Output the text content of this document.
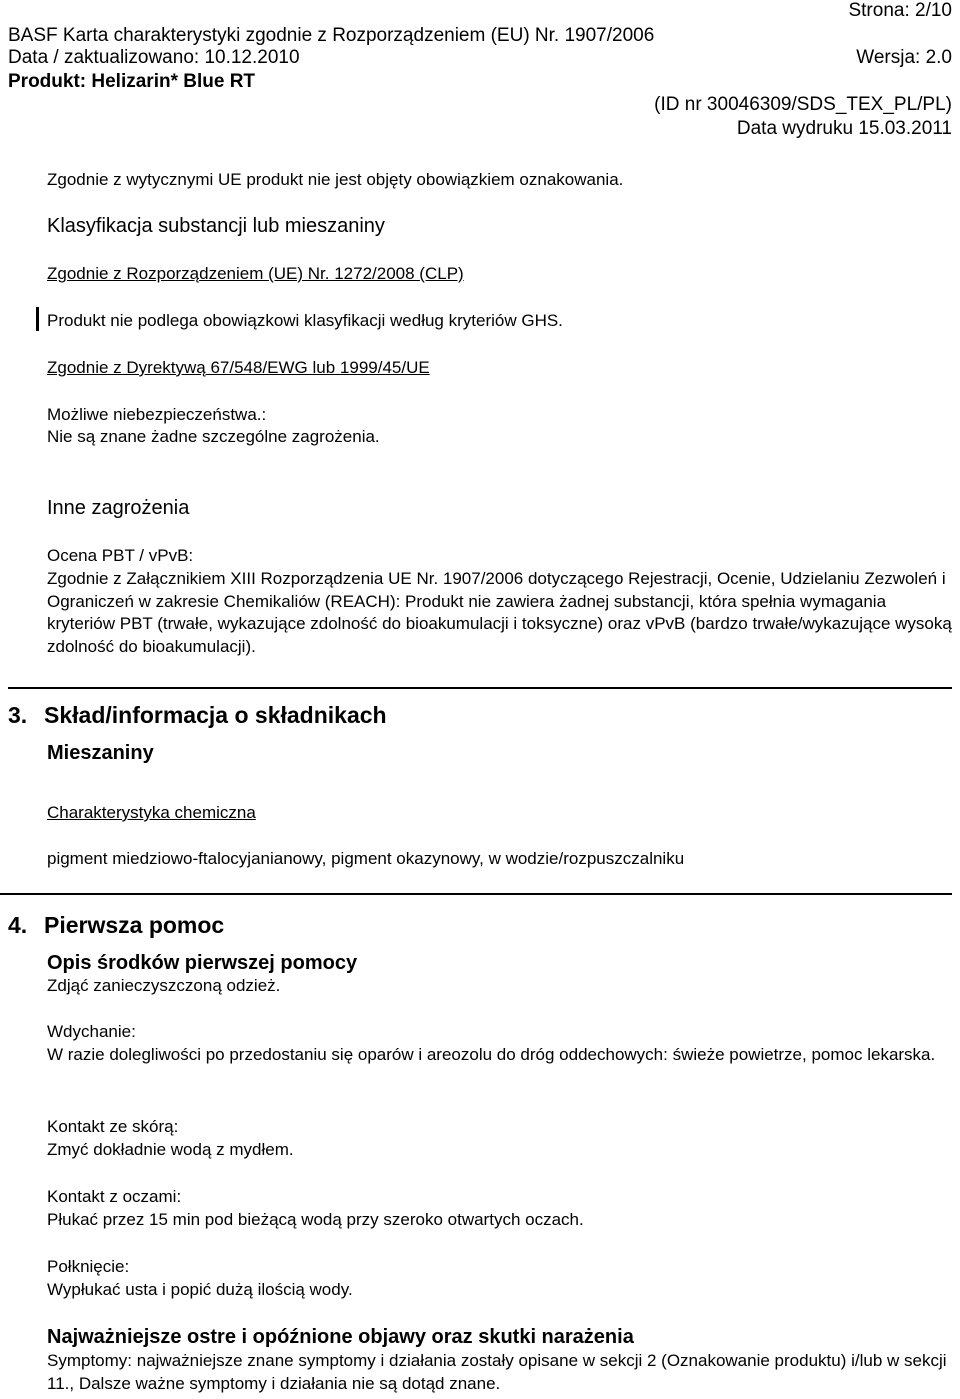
Strona: 2/10
BASF Karta charakterystyki zgodnie z Rozporządzeniem (EU) Nr. 1907/2006
Data / zaktualizowano: 10.12.2010	Wersja: 2.0
Produkt: Helizarin* Blue RT
(ID nr 30046309/SDS_TEX_PL/PL)
Data wydruku 15.03.2011
Zgodnie z wytycznymi UE produkt nie jest objęty obowiązkiem oznakowania.
Klasyfikacja substancji lub mieszaniny
Zgodnie z Rozporządzeniem (UE) Nr. 1272/2008 (CLP)
Produkt nie podlega obowiązkowi klasyfikacji według kryteriów GHS.
Zgodnie z Dyrektywą 67/548/EWG lub 1999/45/UE
Możliwe niebezpieczeństwa.:
Nie są znane żadne szczególne zagrożenia.
Inne zagrożenia
Ocena PBT / vPvB:
Zgodnie z Załącznikiem XIII Rozporządzenia UE Nr. 1907/2006 dotyczącego Rejestracji, Ocenie, Udzielaniu Zezwoleń i Ograniczeń w zakresie Chemikaliów (REACH): Produkt nie zawiera żadnej substancji, która spełnia wymagania kryteriów PBT (trwałe, wykazujące zdolność do bioakumulacji i toksyczne) oraz vPvB (bardzo trwałe/wykazujące wysoką zdolność do bioakumulacji).
3. Skład/informacja o składnikach
Mieszaniny
Charakterystyka chemiczna
pigment miedziowo-ftalocyjanianowy, pigment okazynowy, w wodzie/rozpuszczalniku
4. Pierwsza pomoc
Opis środków pierwszej pomocy
Zdjąć zanieczyszczoną odzież.
Wdychanie:
W razie dolegliwości po przedostaniu się oparów i areozolu do dróg oddechowych: świeże powietrze, pomoc lekarska.
Kontakt ze skórą:
Zmyć dokładnie wodą z mydłem.
Kontakt z oczami:
Płukać przez 15 min pod bieżącą wodą przy szeroko otwartych oczach.
Połknięcie:
Wypłukać usta i popić dużą ilością wody.
Najważniejsze ostre i opóźnione objawy oraz skutki narażenia
Symptomy: najważniejsze znane symptomy i działania zostały opisane w sekcji 2 (Oznakowanie produktu) i/lub w sekcji 11., Dalsze ważne symptomy i działania nie są dotąd znane.
